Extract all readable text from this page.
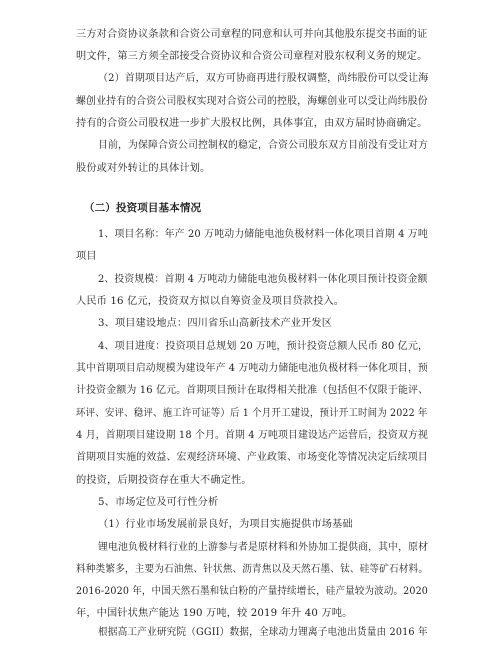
三方对合资协议条款和合资公司章程的同意和认可并向其他股东提交书面的证

明文件，第三方须全部接受合资协议和合资公司章程对股东权利义务的规定。

（2）首期项目达产后，双方可协商再进行股权调整，尚纬股份可以受让海

螺创业持有的合资公司股权实现对合资公司的控股，海螺创业可以受让尚纬股份

持有的合资公司股权进一步扩大股权比例，具体事宜，由双方届时协商确定。

目前，为保障合资公司控制权的稳定，合资公司股东双方目前没有受让对方

股份或对外转让的具体计划。

（二）投资项目基本情况

1、项目名称：年产 20 万吨动力储能电池负极材料一体化项目首期 4 万吨

项目

2、投资规模：首期 4 万吨动力储能电池负极材料一体化项目预计投资金额

人民币 16 亿元，投资双方拟以自筹资金及项目贷款投入。

3、项目建设地点：四川省乐山高新技术产业开发区

4、项目进度：投资项目总规划 20 万吨，预计投资总额人民币 80 亿元，

其中首期项目启动规模为建设年产 4 万吨动力储能电池负极材料一体化项目，预

计投资金额为 16 亿元。首期项目预计在取得相关批准（包括但不仅限于能评、

环评、安评、稳评、施工许可证等）后 1 个月开工建设，预计开工时间为 2022 年

4 月，首期项目建设期 18 个月。首期 4 万吨项目建设达产运营后，投资双方视

首期项目实施的效益、宏观经济环境、产业政策、市场变化等情况决定后续项目

的投资，后期投资存在重大不确定性。

5、市场定位及可行性分析

（1）行业市场发展前景良好，为项目实施提供市场基础

锂电池负极材料行业的上游参与者是原材料和外协加工提供商，其中，原材

料种类繁多，主要为石油焦、针状焦、沥青焦以及天然石墨、钛、硅等矿石材料。

2016-2020 年，中国天然石墨和钛白粉的产量持续增长，硅产量较为波动。2020

年，中国针状焦产能达 190 万吨，较 2019 年升 40 万吨。

根据高工产业研究院（GGII）数据，全球动力锂离子电池出货量由 2016 年
